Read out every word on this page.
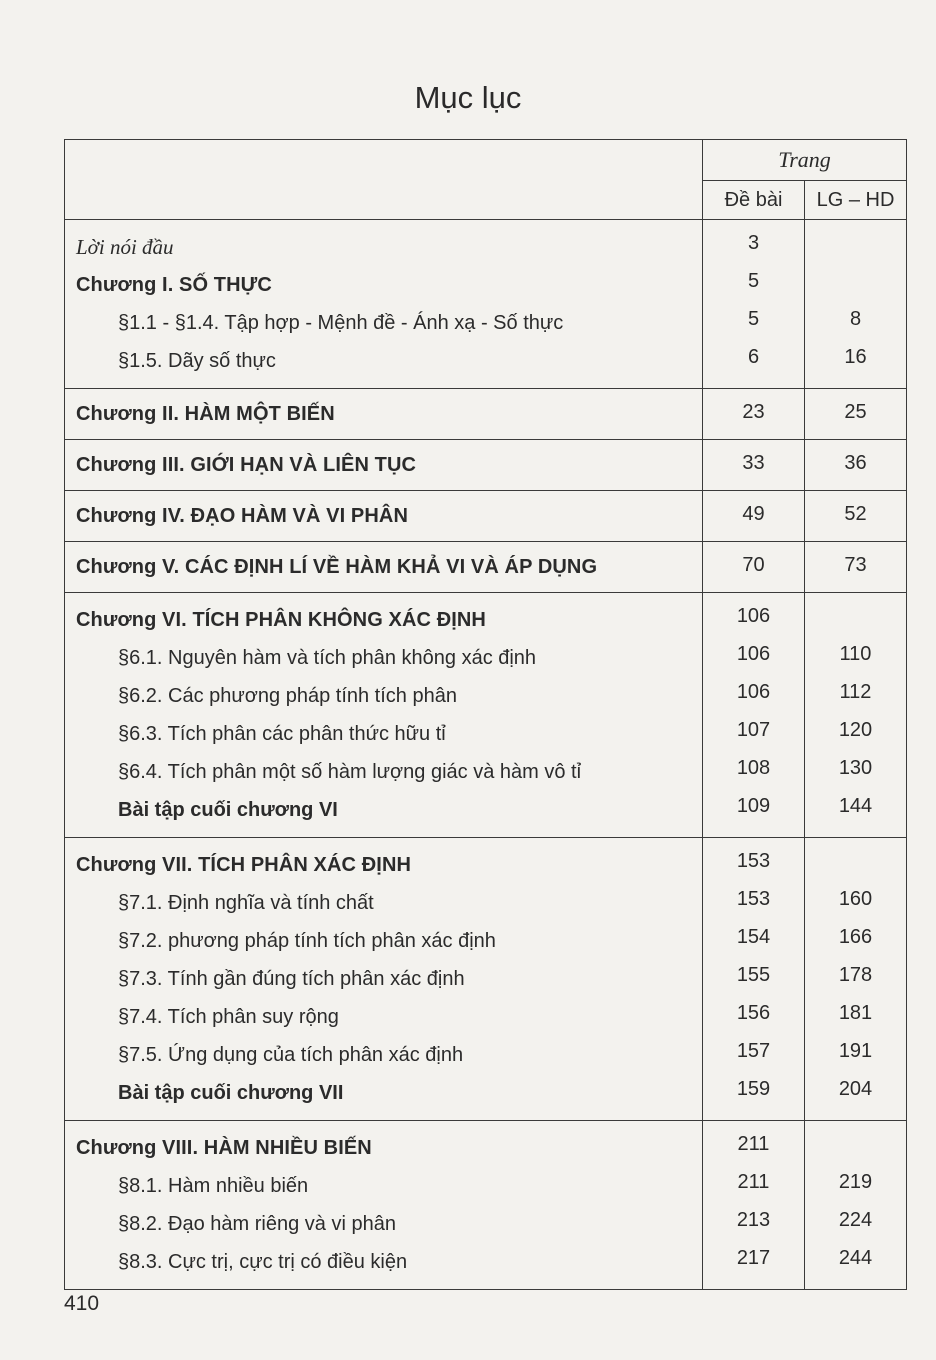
Mục lục
	Trang	
	Đề bài	LG – HD

Lời nói đầu	3	
Chương I. SỐ THỰC	5	
§1.1 - §1.4. Tập hợp - Mệnh đề - Ánh xạ - Số thực	5	8
§1.5. Dãy số thực	6	16

Chương II. HÀM MỘT BIẾN	23	25
Chương III. GIỚI HẠN VÀ LIÊN TỤC	33	36
Chương IV. ĐẠO HÀM VÀ VI PHÂN	49	52
Chương V. CÁC ĐỊNH LÍ VỀ HÀM KHẢ VI VÀ ÁP DỤNG	70	73

Chương VI. TÍCH PHÂN KHÔNG XÁC ĐỊNH	106	
§6.1. Nguyên hàm và tích phân không xác định	106	110
§6.2. Các phương pháp tính tích phân	106	112
§6.3. Tích phân các phân thức hữu tỉ	107	120
§6.4. Tích phân một số hàm lượng giác và hàm vô tỉ	108	130
Bài tập cuối chương VI	109	144

Chương VII. TÍCH PHÂN XÁC ĐỊNH	153	
§7.1. Định nghĩa và tính chất	153	160
§7.2. phương pháp tính tích phân xác định	154	166
§7.3. Tính gần đúng tích phân xác định	155	178
§7.4. Tích phân suy rộng	156	181
§7.5. Ứng dụng của tích phân xác định	157	191
Bài tập cuối chương VII	159	204

Chương VIII. HÀM NHIỀU BIẾN	211	
§8.1. Hàm nhiều biến	211	219
§8.2. Đạo hàm riêng và vi phân	213	224
§8.3. Cực trị, cực trị có điều kiện	217	244

410
